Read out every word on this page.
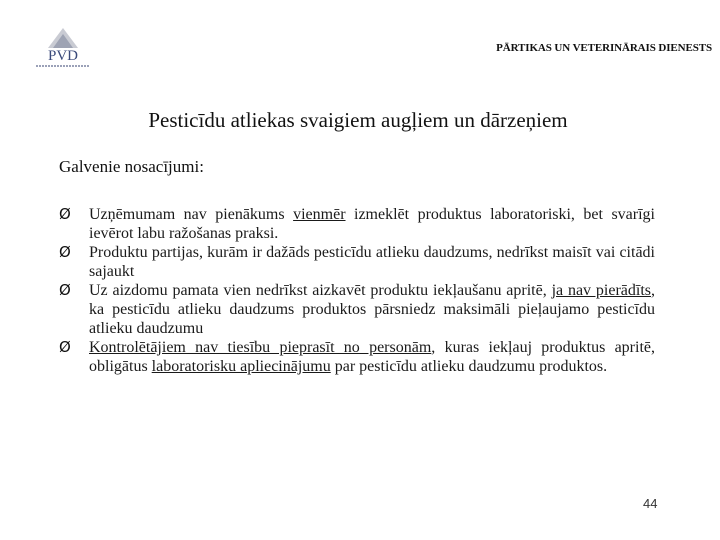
PVD	PĀRTIKAS UN VETERINĀRAIS DIENESTS
Pesticīdu atliekas svaigiem augļiem un dārzeņiem
Galvenie nosacījumi:
Ø Uzņēmumam nav pienākums vienmēr izmeklēt produktus laboratoriski, bet svarīgi ievērot labu ražošanas praksi.
Ø Produktu partijas, kurām ir dažāds pesticīdu atlieku daudzums, nedrīkst maisīt vai citādi sajaukt
Ø Uz aizdomu pamata vien nedrīkst aizkavēt produktu iekļaušanu apritē, ja nav pierādīts, ka pesticīdu atlieku daudzums produktos pārsniedz maksimāli pieļaujamo pesticīdu atlieku daudzumu
Ø Kontrolētājiem nav tiesību pieprasīt no personām, kuras iekļauj produktus apritē, obligātus laboratorisku apliecinājumu par pesticīdu atlieku daudzumu produktos.
44
